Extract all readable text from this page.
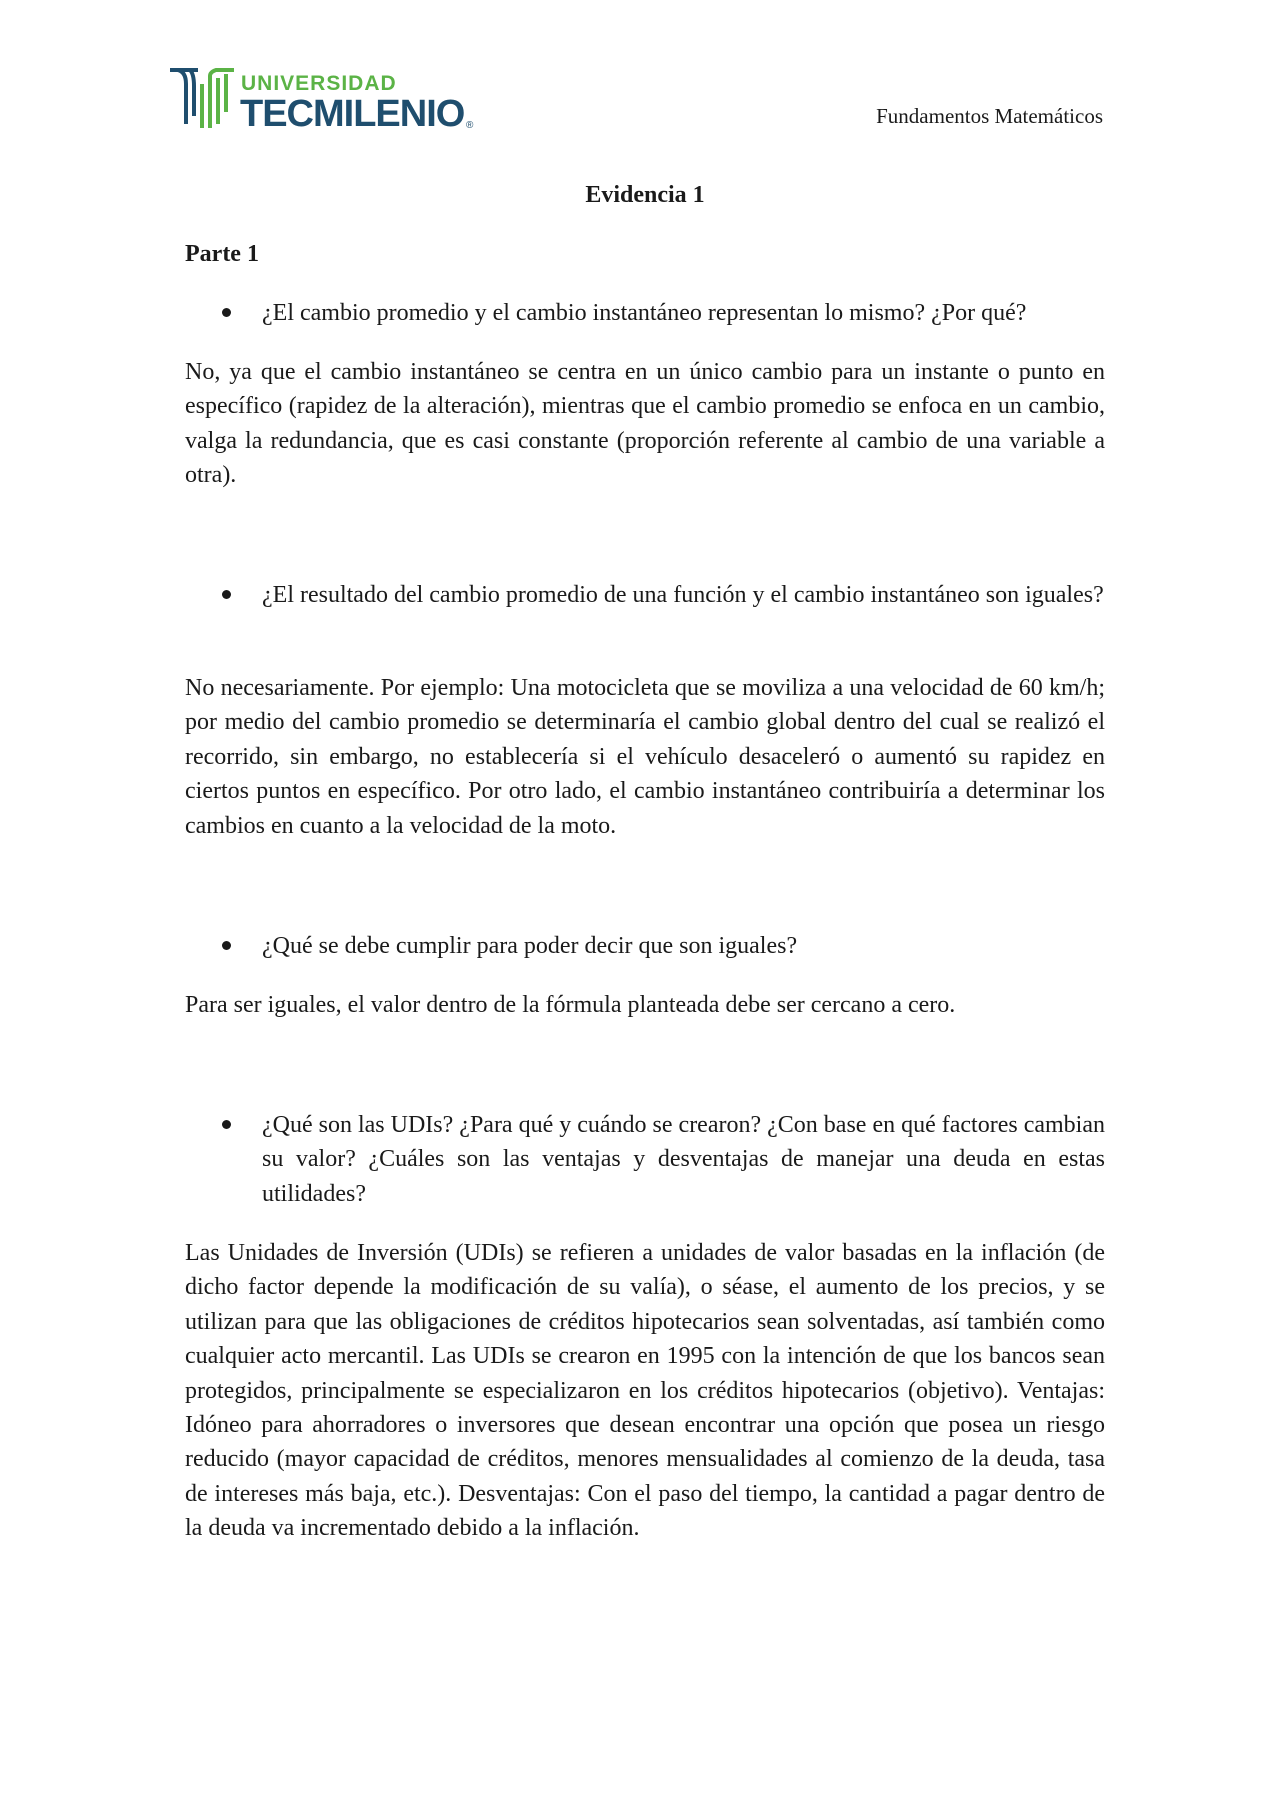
UNIVERSIDAD
TECMILENIO ®	Fundamentos Matemáticos
Evidencia 1
Parte 1
¿El cambio promedio y el cambio instantáneo representan lo mismo? ¿Por qué?
No, ya que el cambio instantáneo se centra en un único cambio para un instante o punto en específico (rapidez de la alteración), mientras que el cambio promedio se enfoca en un cambio, valga la redundancia, que es casi constante (proporción referente al cambio de una variable a otra).
¿El resultado del cambio promedio de una función y el cambio instantáneo son iguales?
No necesariamente. Por ejemplo: Una motocicleta que se moviliza a una velocidad de 60 km/h; por medio del cambio promedio se determinaría el cambio global dentro del cual se realizó el recorrido, sin embargo, no establecería si el vehículo desaceleró o aumentó su rapidez en ciertos puntos en específico. Por otro lado, el cambio instantáneo contribuiría a determinar los cambios en cuanto a la velocidad de la moto.
¿Qué se debe cumplir para poder decir que son iguales?
Para ser iguales, el valor dentro de la fórmula planteada debe ser cercano a cero.
¿Qué son las UDIs? ¿Para qué y cuándo se crearon? ¿Con base en qué factores cambian su valor? ¿Cuáles son las ventajas y desventajas de manejar una deuda en estas utilidades?
Las Unidades de Inversión (UDIs) se refieren a unidades de valor basadas en la inflación (de dicho factor depende la modificación de su valía), o séase, el aumento de los precios, y se utilizan para que las obligaciones de créditos hipotecarios sean solventadas, así también como cualquier acto mercantil. Las UDIs se crearon en 1995 con la intención de que los bancos sean protegidos, principalmente se especializaron en los créditos hipotecarios (objetivo). Ventajas: Idóneo para ahorradores o inversores que desean encontrar una opción que posea un riesgo reducido (mayor capacidad de créditos, menores mensualidades al comienzo de la deuda, tasa de intereses más baja, etc.). Desventajas: Con el paso del tiempo, la cantidad a pagar dentro de la deuda va incrementado debido a la inflación.
